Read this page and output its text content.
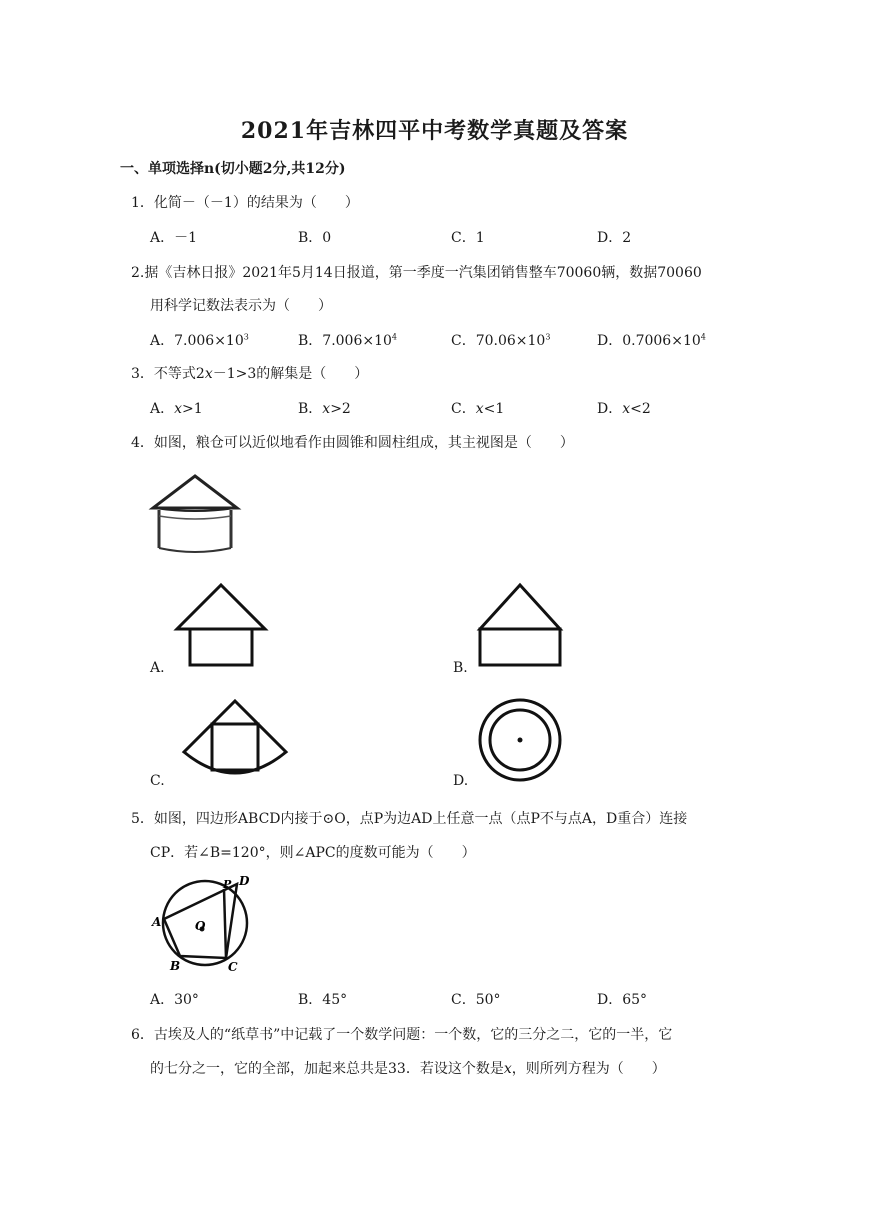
2021年吉林四平中考数学真题及答案
一、单项选择n(切小题2分,共12分)
1．化简－（－1）的结果为（　　）
A．－1	B．0	C．1	D．2
2.据《吉林日报》2021年5月14日报道，第一季度一汽集团销售整车70060辆，数据70060
用科学记数法表示为（　　）
A．$7.006\times 10^3$	B．$7.006\times 10^4$	C．$70.06\times 10^3$	D．$0.7006\times 10^4$
3．不等式2x－1>3的解集是（　　）
A．x>1	B．x>2	C．x<1	D．x<2
4．如图，粮仓可以近似地看作由圆锥和圆柱组成，其主视图是（　　）
A.	B.
C.	D.
5．如图，四边形ABCD内接于⊙O，点P为边AD上任意一点（点P不与点A，D重合）连接
CP．若∠B=120°，则∠APC的度数可能为（　　）
A
B	C
D
P
O
A．30°	B．45°	C．50°	D．65°
6．古埃及人的“纸草书”中记载了一个数学问题：一个数，它的三分之二，它的一半，它
的七分之一，它的全部，加起来总共是33．若设这个数是x，则所列方程为（　　）
